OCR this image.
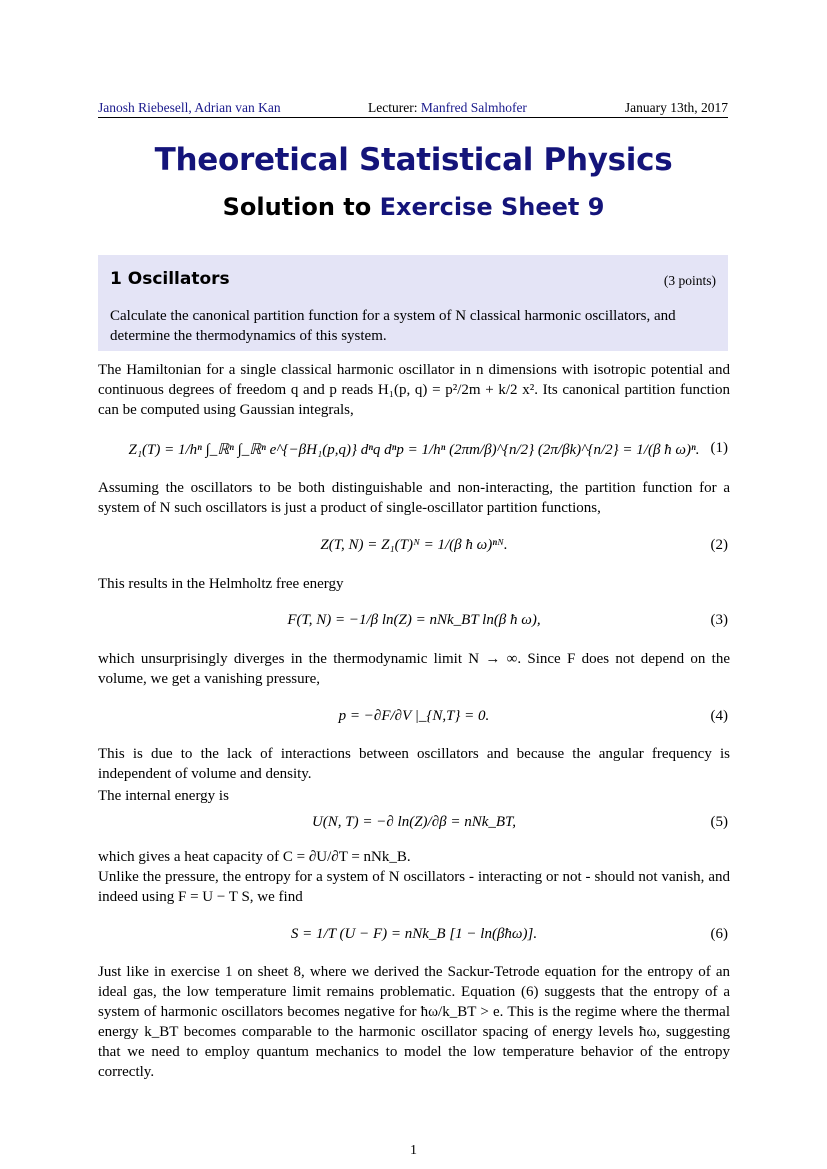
Janosh Riebesell, Adrian van Kan	Lecturer: Manfred Salmhofer	January 13th, 2017
Theoretical Statistical Physics
Solution to Exercise Sheet 9
1 Oscillators	(3 points)
Calculate the canonical partition function for a system of N classical harmonic oscillators, and determine the thermodynamics of this system.
The Hamiltonian for a single classical harmonic oscillator in n dimensions with isotropic potential and continuous degrees of freedom q and p reads H₁(p, q) = p²/2m + k/2 x². Its canonical partition function can be computed using Gaussian integrals,
Z₁(T) = 1/hⁿ ∫_ℝⁿ ∫_ℝⁿ e^{−βH₁(p,q)} dⁿq dⁿp = 1/hⁿ (2πm/β)^{n/2} (2π/βk)^{n/2} = 1/(β ħ ω)ⁿ. (1)
Assuming the oscillators to be both distinguishable and non-interacting, the partition function for a system of N such oscillators is just a product of single-oscillator partition functions,
Z(T, N) = Z₁(T)ᴺ = 1/(β ħ ω)ⁿᴺ.	(2)
This results in the Helmholtz free energy
F(T, N) = −1/β ln(Z) = nNk_BT ln(β ħ ω),	(3)
which unsurprisingly diverges in the thermodynamic limit N → ∞. Since F does not depend on the volume, we get a vanishing pressure,
p = −∂F/∂V |_{N,T} = 0.	(4)
This is due to the lack of interactions between oscillators and because the angular frequency is independent of volume and density.
The internal energy is
U(N, T) = −∂ ln(Z)/∂β = nNk_BT,	(5)
which gives a heat capacity of C = ∂U/∂T = nNk_B.
Unlike the pressure, the entropy for a system of N oscillators - interacting or not - should not vanish, and indeed using F = U − T S, we find
S = 1/T (U − F) = nNk_B [1 − ln(βħω)].	(6)
Just like in exercise 1 on sheet 8, where we derived the Sackur-Tetrode equation for the entropy of an ideal gas, the low temperature limit remains problematic. Equation (6) suggests that the entropy of a system of harmonic oscillators becomes negative for ħω/k_BT > e. This is the regime where the thermal energy k_BT becomes comparable to the harmonic oscillator spacing of energy levels ħω, suggesting that we need to employ quantum mechanics to model the low temperature behavior of the entropy correctly.
1
